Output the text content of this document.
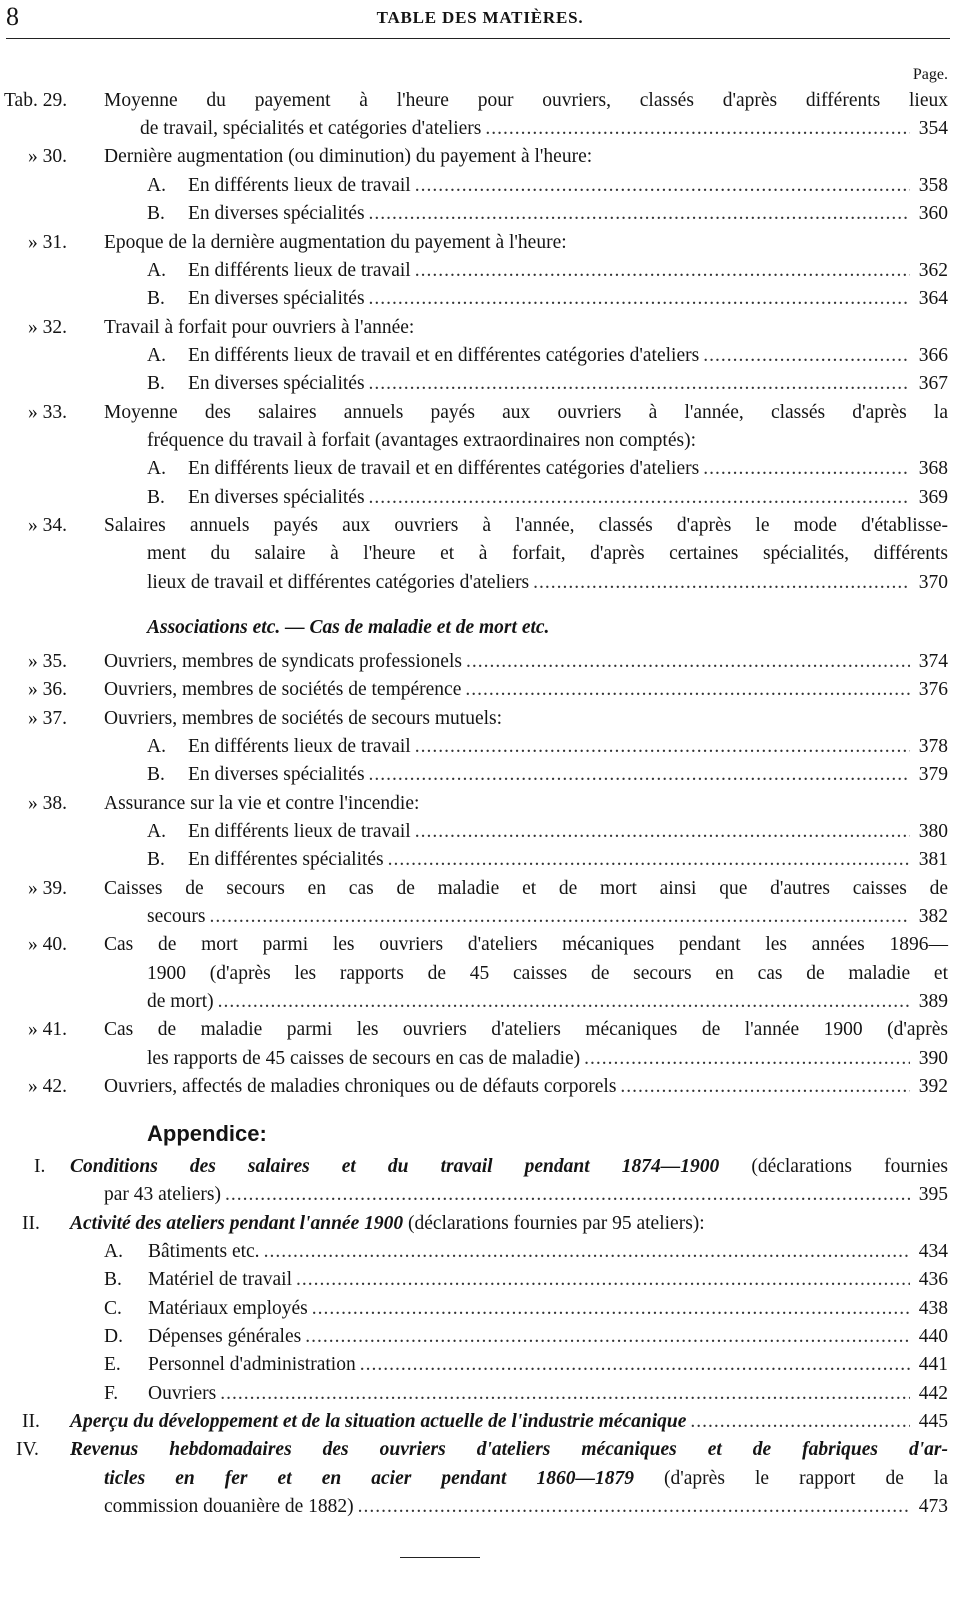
8	TABLE DES MATIÈRES.
Page.
Tab. 29. Moyenne du payement à l'heure pour ouvriers, classés d'après différents lieux
de travail, spécialités et catégories d'ateliers .....	354
» 30. Dernière augmentation (ou diminution) du payement à l'heure:
A. En différents lieux de travail .....	358
B. En diverses spécialités .....	360
» 31. Epoque de la dernière augmentation du payement à l'heure:
A. En différents lieux de travail .....	362
B. En diverses spécialités .....	364
» 32. Travail à forfait pour ouvriers à l'année:
A. En différents lieux de travail et en différentes catégories d'ateliers .....	366
B. En diverses spécialités .....	367
» 33. Moyenne des salaires annuels payés aux ouvriers à l'année, classés d'après la
fréquence du travail à forfait (avantages extraordinaires non comptés):
A. En différents lieux de travail et en différentes catégories d'ateliers .....	368
B. En diverses spécialités .....	369
» 34. Salaires annuels payés aux ouvriers à l'année, classés d'après le mode d'établisse-
ment du salaire à l'heure et à forfait, d'après certaines spécialités, différents
lieux de travail et différentes catégories d'ateliers .....	370
Associations etc. — Cas de maladie et de mort etc.
» 35. Ouvriers, membres de syndicats professionels .....	374
» 36. Ouvriers, membres de sociétés de tempérence .....	376
» 37. Ouvriers, membres de sociétés de secours mutuels:
A. En différents lieux de travail .....	378
B. En diverses spécialités .....	379
» 38. Assurance sur la vie et contre l'incendie:
A. En différents lieux de travail .....	380
B. En différentes spécialités .....	381
» 39. Caisses de secours en cas de maladie et de mort ainsi que d'autres caisses de
secours .....	382
» 40. Cas de mort parmi les ouvriers d'ateliers mécaniques pendant les années 1896—
1900 (d'après les rapports de 45 caisses de secours en cas de maladie et
de mort) .....	389
» 41. Cas de maladie parmi les ouvriers d'ateliers mécaniques de l'année 1900 (d'après
les rapports de 45 caisses de secours en cas de maladie) .....	390
» 42. Ouvriers, affectés de maladies chroniques ou de défauts corporels .....	392
Appendice:
I. Conditions des salaires et du travail pendant 1874—1900 (déclarations fournies
par 43 ateliers) .....	395
II. Activité des ateliers pendant l'année 1900 (déclarations fournies par 95 ateliers):
A. Bâtiments etc. .....	434
B. Matériel de travail .....	436
C. Matériaux employés .....	438
D. Dépenses générales .....	440
E. Personnel d'administration .....	441
F. Ouvriers .....	442
II. Aperçu du développement et de la situation actuelle de l'industrie mécanique .....	445
IV. Revenus hebdomadaires des ouvriers d'ateliers mécaniques et de fabriques d'ar-
ticles en fer et en acier pendant 1860—1879 (d'après le rapport de la
commission douanière de 1882) .....	473
